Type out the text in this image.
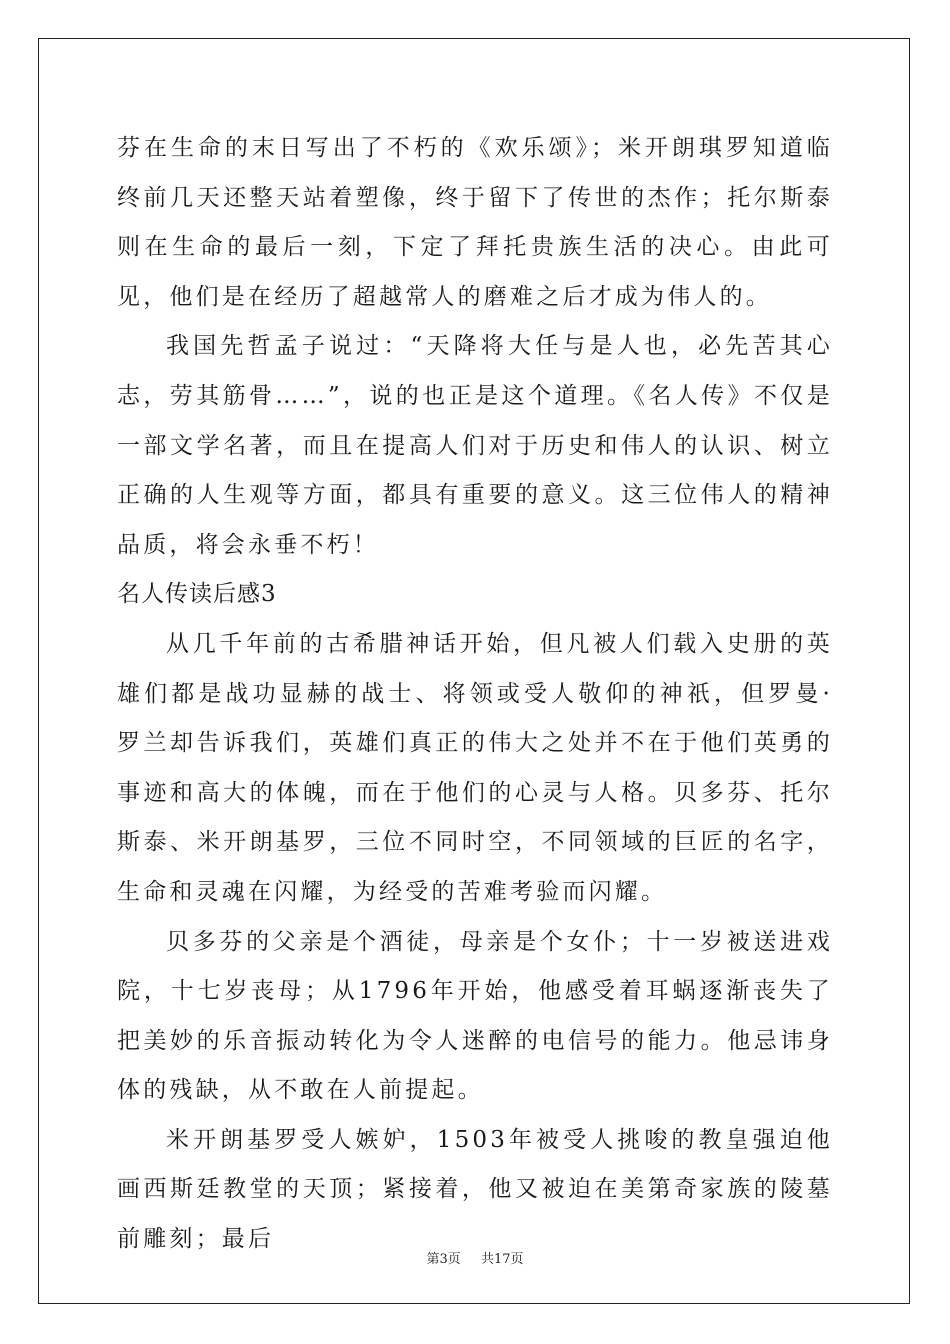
芬在生命的末日写出了不朽的《欢乐颂》；米开朗琪罗知道临终前几天还整天站着塑像，终于留下了传世的杰作；托尔斯泰则在生命的最后一刻，下定了拜托贵族生活的决心。由此可见，他们是在经历了超越常人的磨难之后才成为伟人的。

我国先哲孟子说过：“天降将大任与是人也，必先苦其心志，劳其筋骨……”，说的也正是这个道理。《名人传》不仅是一部文学名著，而且在提高人们对于历史和伟人的认识、树立正确的人生观等方面，都具有重要的意义。这三位伟人的精神品质，将会永垂不朽！

名人传读后感3

从几千年前的古希腊神话开始，但凡被人们载入史册的英雄们都是战功显赫的战士、将领或受人敬仰的神祇，但罗曼·罗兰却告诉我们，英雄们真正的伟大之处并不在于他们英勇的事迹和高大的体魄，而在于他们的心灵与人格。贝多芬、托尔斯泰、米开朗基罗，三位不同时空，不同领域的巨匠的名字，生命和灵魂在闪耀，为经受的苦难考验而闪耀。

贝多芬的父亲是个酒徒，母亲是个女仆；十一岁被送进戏院，十七岁丧母；从1796年开始，他感受着耳蜗逐渐丧失了把美妙的乐音振动转化为令人迷醉的电信号的能力。他忌讳身体的残缺，从不敢在人前提起。

米开朗基罗受人嫉妒，1503年被受人挑唆的教皇强迫他画西斯廷教堂的天顶；紧接着，他又被迫在美第奇家族的陵墓前雕刻；最后

第3页 共17页
